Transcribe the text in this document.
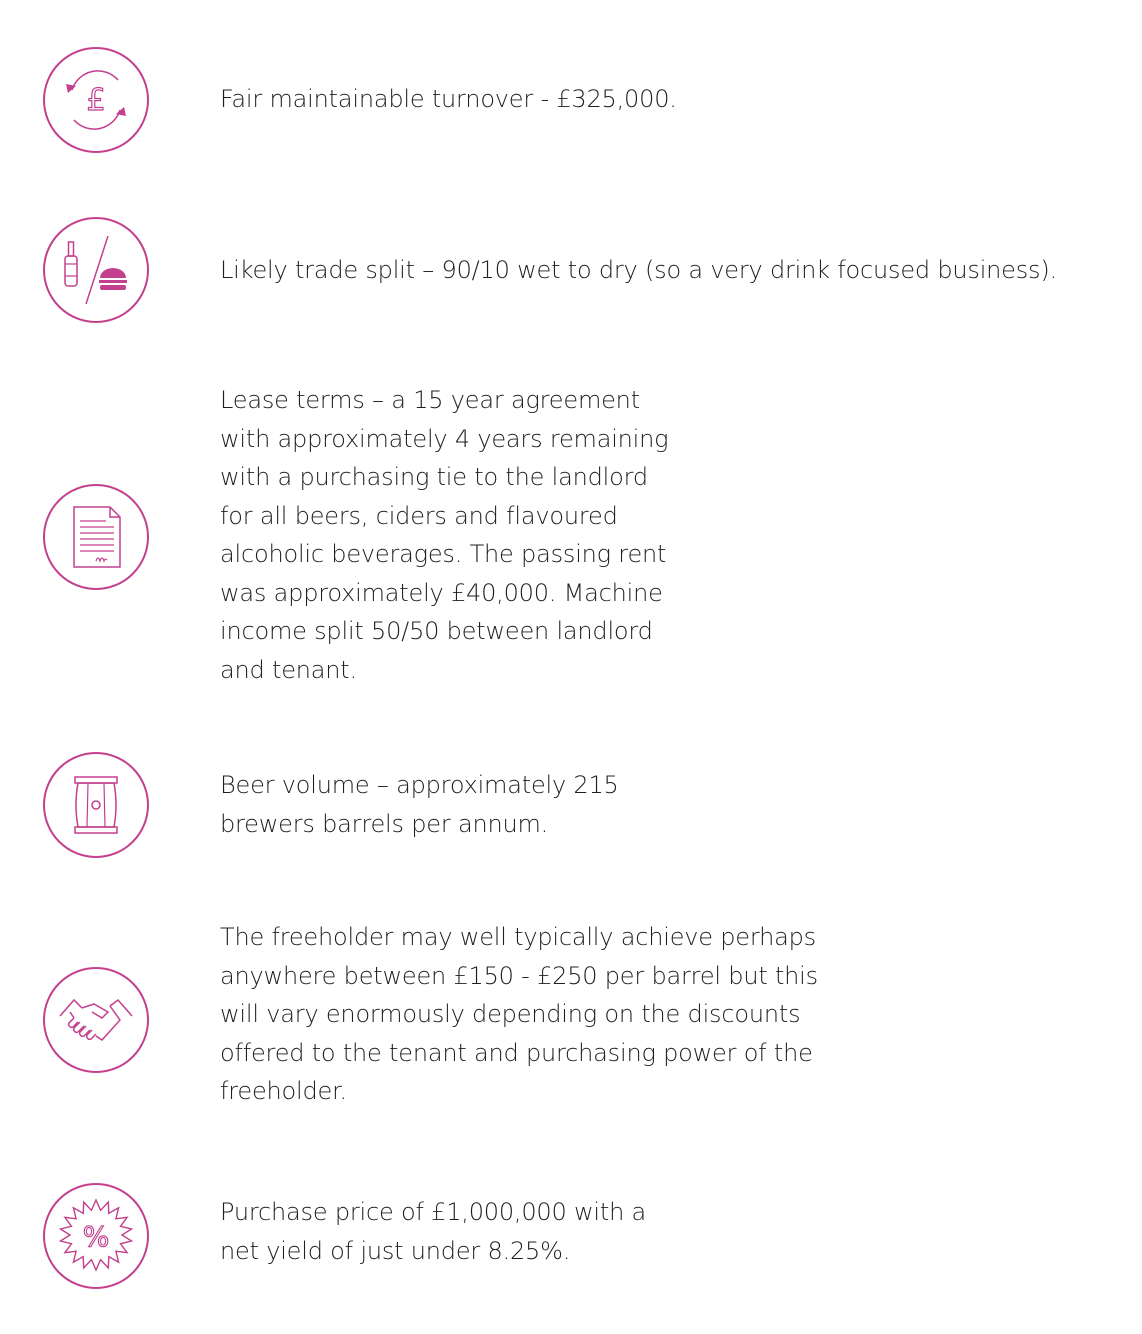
£	Fair maintainable turnover - £325,000.
Likely trade split – 90/10 wet to dry (so a very drink focused business).
Lease terms – a 15 year agreement
with approximately 4 years remaining
with a purchasing tie to the landlord
for all beers, ciders and flavoured
alcoholic beverages. The passing rent
was approximately £40,000. Machine
income split 50/50 between landlord
and tenant.
Beer volume – approximately 215
brewers barrels per annum.
The freeholder may well typically achieve perhaps
anywhere between £150 - £250 per barrel but this
will vary enormously depending on the discounts
offered to the tenant and purchasing power of the
freeholder.
%
Purchase price of £1,000,000 with a
net yield of just under 8.25%.
